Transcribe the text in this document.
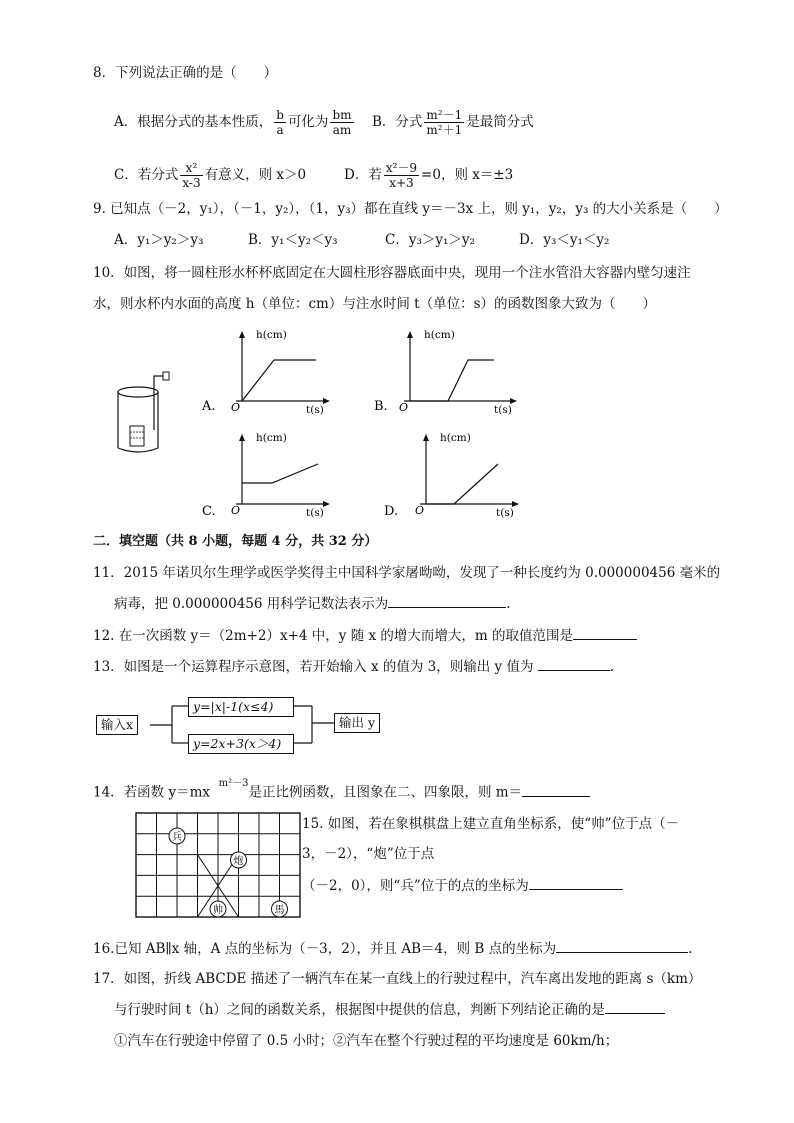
8．下列说法正确的是（　　）
A．根据分式的基本性质， $\frac{b}{a}$ 可化为 $\frac{bm}{am}$ B．分式 $\frac{\text{m²－1}}{\text{m²＋1}}$ 是最简分式
C．若分式 $\frac{\text{x²}}{x-3}$ 有意义，则 x＞0	D．若 $\frac{\text{x²－9}}{x+3} =0$，则 x＝±3
9. 已知点（－2，y₁），（－1，y₂），（1，y₃）都在直线 y＝－3x 上，则 y₁，y₂，y₃ 的大小关系是（　　）
A．y₁＞y₂＞y₃	B．y₁＜y₂＜y₃	C．y₃＞y₁＞y₂	D．y₃＜y₁＜y₂
10．如图，将一圆柱形水杯杯底固定在大圆柱形容器底面中央，现用一个注水管沿大容器内壁匀速注
水，则水杯内水面的高度 h（单位：cm）与注水时间 t（单位：s）的函数图象大致为（　　）
A.
h(cm)
O	t(s)	B.
h(cm)
O	t(s)
C.
h(cm)
O	t(s)	D.
h(cm)
O	t(s)
二．填空题（共 8 小题，每题 4 分，共 32 分）
11．2015 年诺贝尔生理学或医学奖得主中国科学家屠呦呦，发现了一种长度约为 0.000000456 毫米的
病毒，把 0.000000456 用科学记数法表示为	.
12. 在一次函数 y＝（2m+2）x+4 中，y 随 x 的增大而增大，m 的取值范围是
13．如图是一个运算程序示意图，若开始输入 x 的值为 3，则输出 y 值为	.
输入x
y=|x|-1(x≤4)
y=2x+3(x＞4)
输出 y
14．若函数 y＝mx  $^{m^2-3}$是正比例函数，且图象在二、四象限，则 m＝
兵
炮
帅	馬
15. 如图，若在象棋棋盘上建立直角坐标系，使“帅”位于点（－
3，－2），“炮”位于点
（－2，0），则“兵”位于的点的坐标为
16.已知 AB∥x 轴，A 点的坐标为（－3，2），并且 AB＝4，则 B 点的坐标为	.
17．如图，折线 ABCDE 描述了一辆汽车在某一直线上的行驶过程中，汽车离出发地的距离 s（km）
与行驶时间 t（h）之间的函数关系，根据图中提供的信息，判断下列结论正确的是
①汽车在行驶途中停留了 0.5 小时；②汽车在整个行驶过程的平均速度是 60km/h；
